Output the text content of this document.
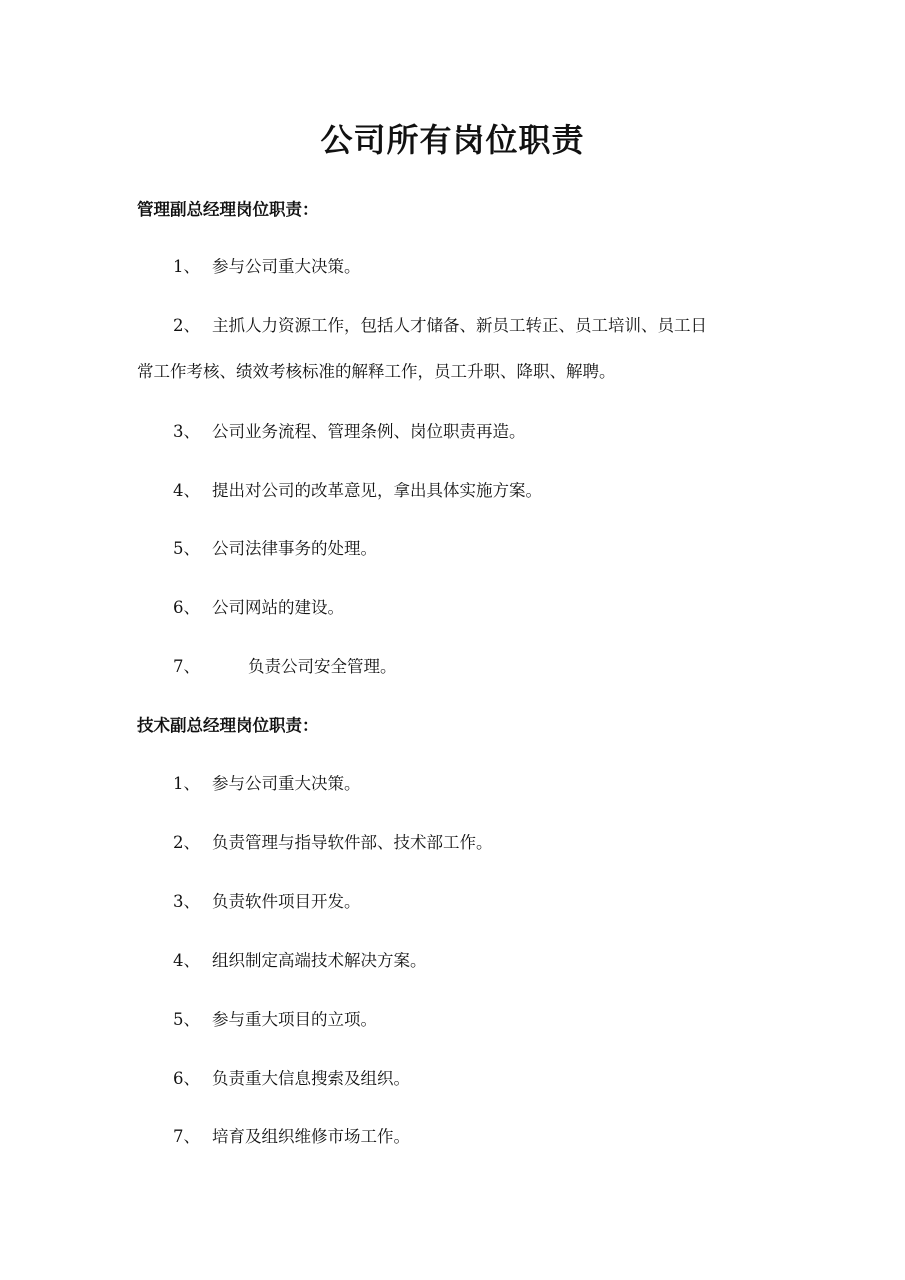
公司所有岗位职责
管理副总经理岗位职责：
1、 参与公司重大决策。
2、 主抓人力资源工作，包括人才储备、新员工转正、员工培训、员工日
常工作考核、绩效考核标准的解释工作，员工升职、降职、解聘。
3、 公司业务流程、管理条例、岗位职责再造。
4、 提出对公司的改革意见，拿出具体实施方案。
5、 公司法律事务的处理。
6、 公司网站的建设。
7、	负责公司安全管理。
技术副总经理岗位职责：
1、 参与公司重大决策。
2、 负责管理与指导软件部、技术部工作。
3、 负责软件项目开发。
4、 组织制定高端技术解决方案。
5、 参与重大项目的立项。
6、 负责重大信息搜索及组织。
7、 培育及组织维修市场工作。
